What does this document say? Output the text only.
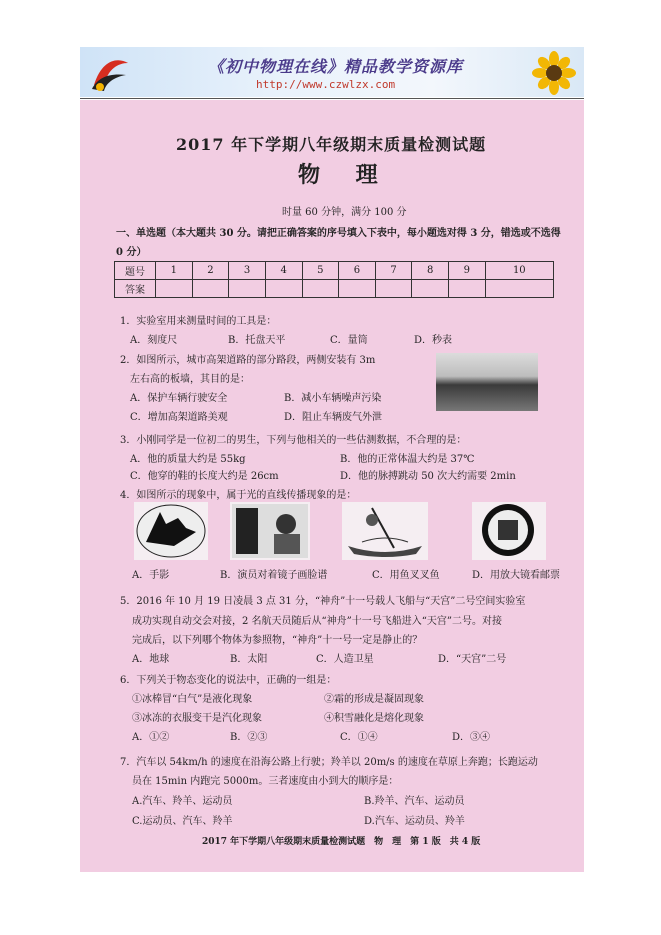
《初中物理在线》精品教学资源库
http://www.czwlzx.com

2017 年下学期八年级期末质量检测试题
物 理
时量 60 分钟，满分 100 分
一、单选题（本大题共 30 分。请把正确答案的序号填入下表中，每小题选对得 3 分，错选或不选得 0 分）
题号	1	2	3	4	5	6	7	8	9	10
答案										
1．实验室用来测量时间的工具是：
A．刻度尺	B．托盘天平	C．量筒	D．秒表
2．如图所示，城市高架道路的部分路段，两侧安装有 3m
左右高的板墙，其目的是：
A．保护车辆行驶安全	B．减小车辆噪声污染
C．增加高架道路美观	D．阻止车辆废气外泄
3．小刚同学是一位初二的男生，下列与他相关的一些估测数据，不合理的是：
A．他的质量大约是 55kg	B．他的正常体温大约是 37℃
C．他穿的鞋的长度大约是 26cm	D．他的脉搏跳动 50 次大约需要 2min
4．如图所示的现象中，属于光的直线传播现象的是：
A．手影	B．演员对着镜子画脸谱	C．用鱼叉叉鱼	D．用放大镜看邮票
5．2016 年 10 月 19 日凌晨 3 点 31 分，“神舟”十一号载人飞船与“天宫”二号空间实验室
成功实现自动交会对接，2 名航天员随后从“神舟”十一号飞船进入“天宫”二号。对接
完成后，以下列哪个物体为参照物，“神舟”十一号一定是静止的？
A．地球	B．太阳	C．人造卫星	D．“天宫”二号
6．下列关于物态变化的说法中，正确的一组是：
①冰棒冒“白气”是液化现象	②霜的形成是凝固现象
③冰冻的衣服变干是汽化现象	④积雪融化是熔化现象
A．①②	B．②③	C．①④	D．③④
7．汽车以 54km/h 的速度在沿海公路上行驶；羚羊以 20m/s 的速度在草原上奔跑；长跑运动
员在 15min 内跑完 5000m。三者速度由小到大的顺序是：
A.汽车、羚羊、运动员	B.羚羊、汽车、运动员
C.运动员、汽车、羚羊	D.汽车、运动员、羚羊
2017 年下学期八年级期末质量检测试题　物　理　第 1 版　共 4 版
